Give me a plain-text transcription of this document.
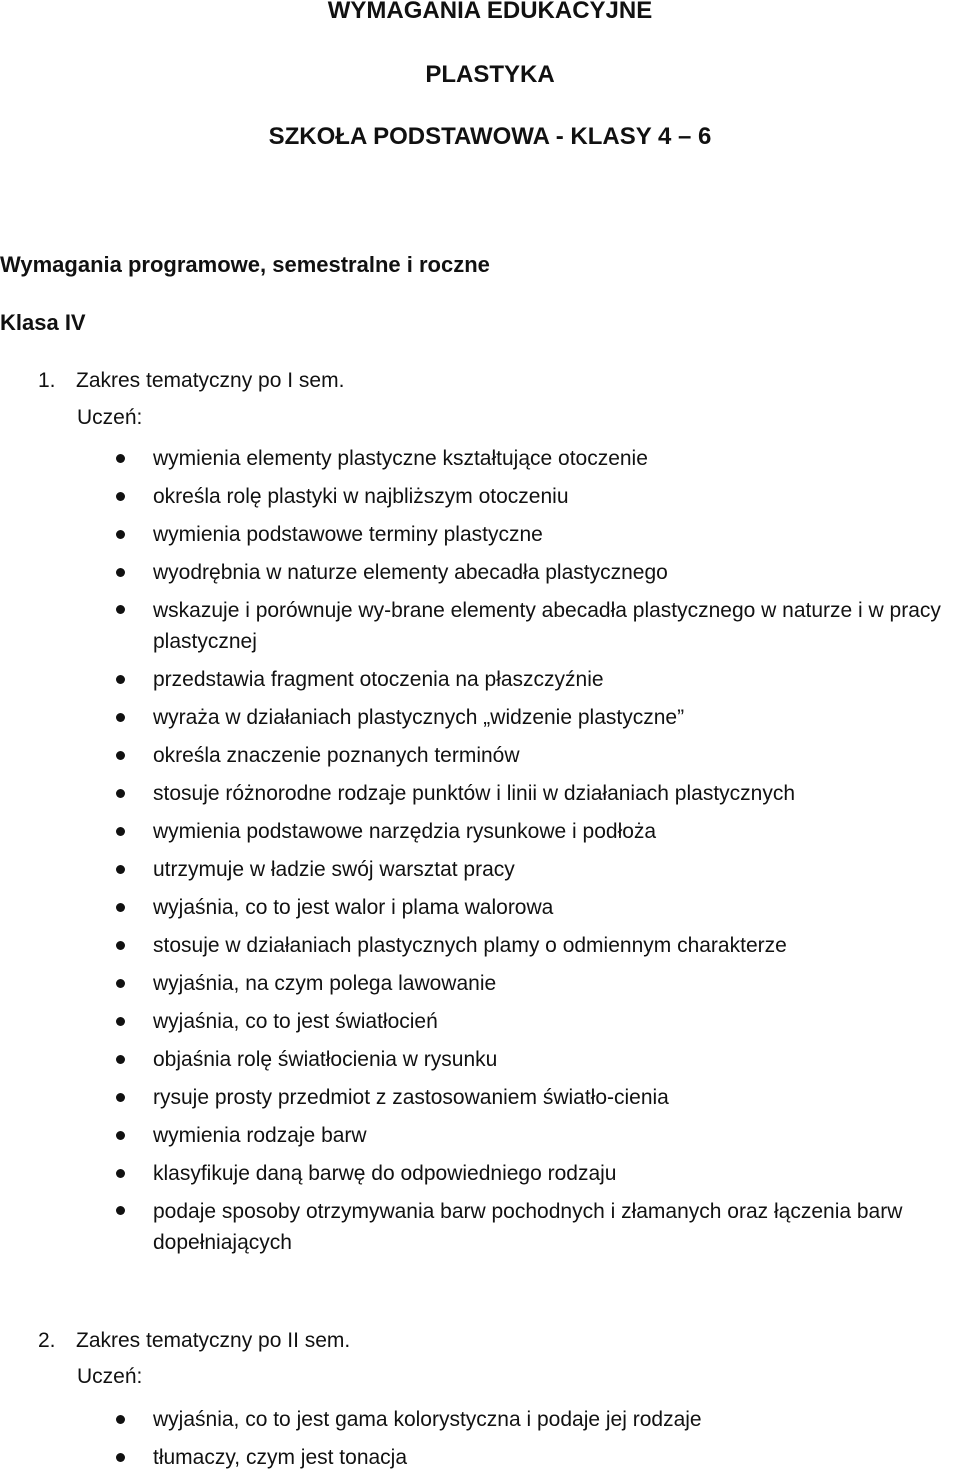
WYMAGANIA EDUKACYJNE
PLASTYKA
SZKOŁA PODSTAWOWA - KLASY 4 – 6
Wymagania programowe, semestralne i roczne
Klasa IV
1. Zakres tematyczny po I sem.
Uczeń:
wymienia elementy plastyczne kształtujące otoczenie
określa rolę plastyki w najbliższym otoczeniu
wymienia podstawowe terminy plastyczne
wyodrębnia w naturze elementy abecadła plastycznego
wskazuje i porównuje wy-brane elementy abecadła plastycznego w naturze i w pracy plastycznej
przedstawia fragment otoczenia na płaszczyźnie
wyraża w działaniach plastycznych „widzenie plastyczne”
określa znaczenie poznanych terminów
stosuje różnorodne rodzaje punktów i linii w działaniach plastycznych
wymienia podstawowe narzędzia rysunkowe i podłoża
utrzymuje w ładzie swój warsztat pracy
wyjaśnia, co to jest walor i plama walorowa
stosuje w działaniach plastycznych plamy o odmiennym charakterze
wyjaśnia, na czym polega lawowanie
wyjaśnia, co to jest światłocień
objaśnia rolę światłocienia w rysunku
rysuje prosty przedmiot z zastosowaniem światło-cienia
wymienia rodzaje barw
klasyfikuje daną barwę do odpowiedniego rodzaju
podaje sposoby otrzymywania barw pochodnych i złamanych oraz łączenia barw dopełniających
2. Zakres tematyczny po II sem.
Uczeń:
wyjaśnia, co to jest gama kolorystyczna i podaje jej rodzaje
tłumaczy, czym jest tonacja
